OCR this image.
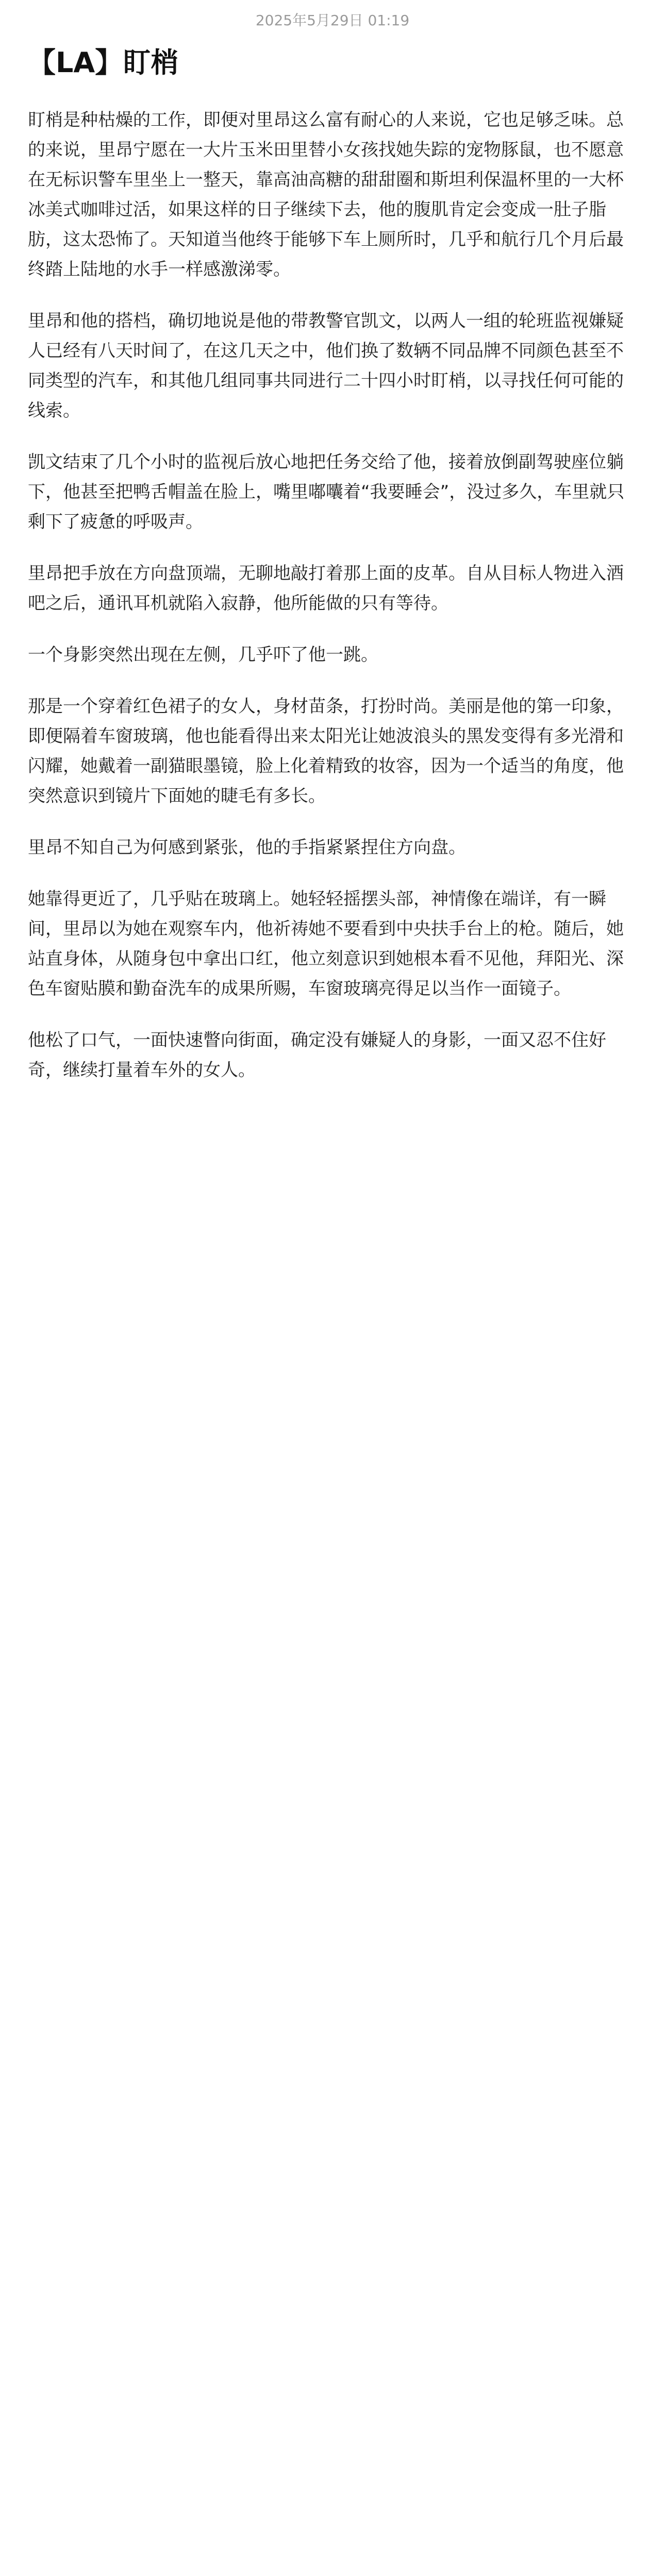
2025年5月29日 01:19
【LA】盯梢

盯梢是种枯燥的工作，即便对里昂这么富有耐心的人来说，它也足够乏味。总的来说，里昂宁愿在一大片玉米田里替小女孩找她失踪的宠物豚鼠，也不愿意在无标识警车里坐上一整天，靠高油高糖的甜甜圈和斯坦利保温杯里的一大杯冰美式咖啡过活，如果这样的日子继续下去，他的腹肌肯定会变成一肚子脂肪，这太恐怖了。天知道当他终于能够下车上厕所时，几乎和航行几个月后最终踏上陆地的水手一样感激涕零。

里昂和他的搭档，确切地说是他的带教警官凯文，以两人一组的轮班监视嫌疑人已经有八天时间了，在这几天之中，他们换了数辆不同品牌不同颜色甚至不同类型的汽车，和其他几组同事共同进行二十四小时盯梢，以寻找任何可能的线索。

凯文结束了几个小时的监视后放心地把任务交给了他，接着放倒副驾驶座位躺下，他甚至把鸭舌帽盖在脸上，嘴里嘟囔着“我要睡会”，没过多久，车里就只剩下了疲惫的呼吸声。

里昂把手放在方向盘顶端，无聊地敲打着那上面的皮革。自从目标人物进入酒吧之后，通讯耳机就陷入寂静，他所能做的只有等待。

一个身影突然出现在左侧，几乎吓了他一跳。

那是一个穿着红色裙子的女人，身材苗条，打扮时尚。美丽是他的第一印象，即便隔着车窗玻璃，他也能看得出来太阳光让她波浪头的黑发变得有多光滑和闪耀，她戴着一副猫眼墨镜，脸上化着精致的妆容，因为一个适当的角度，他突然意识到镜片下面她的睫毛有多长。

里昂不知自己为何感到紧张，他的手指紧紧捏住方向盘。

她靠得更近了，几乎贴在玻璃上。她轻轻摇摆头部，神情像在端详，有一瞬间，里昂以为她在观察车内，他祈祷她不要看到中央扶手台上的枪。随后，她站直身体，从随身包中拿出口红，他立刻意识到她根本看不见他，拜阳光、深色车窗贴膜和勤奋洗车的成果所赐，车窗玻璃亮得足以当作一面镜子。

他松了口气，一面快速瞥向街面，确定没有嫌疑人的身影，一面又忍不住好奇，继续打量着车外的女人。
